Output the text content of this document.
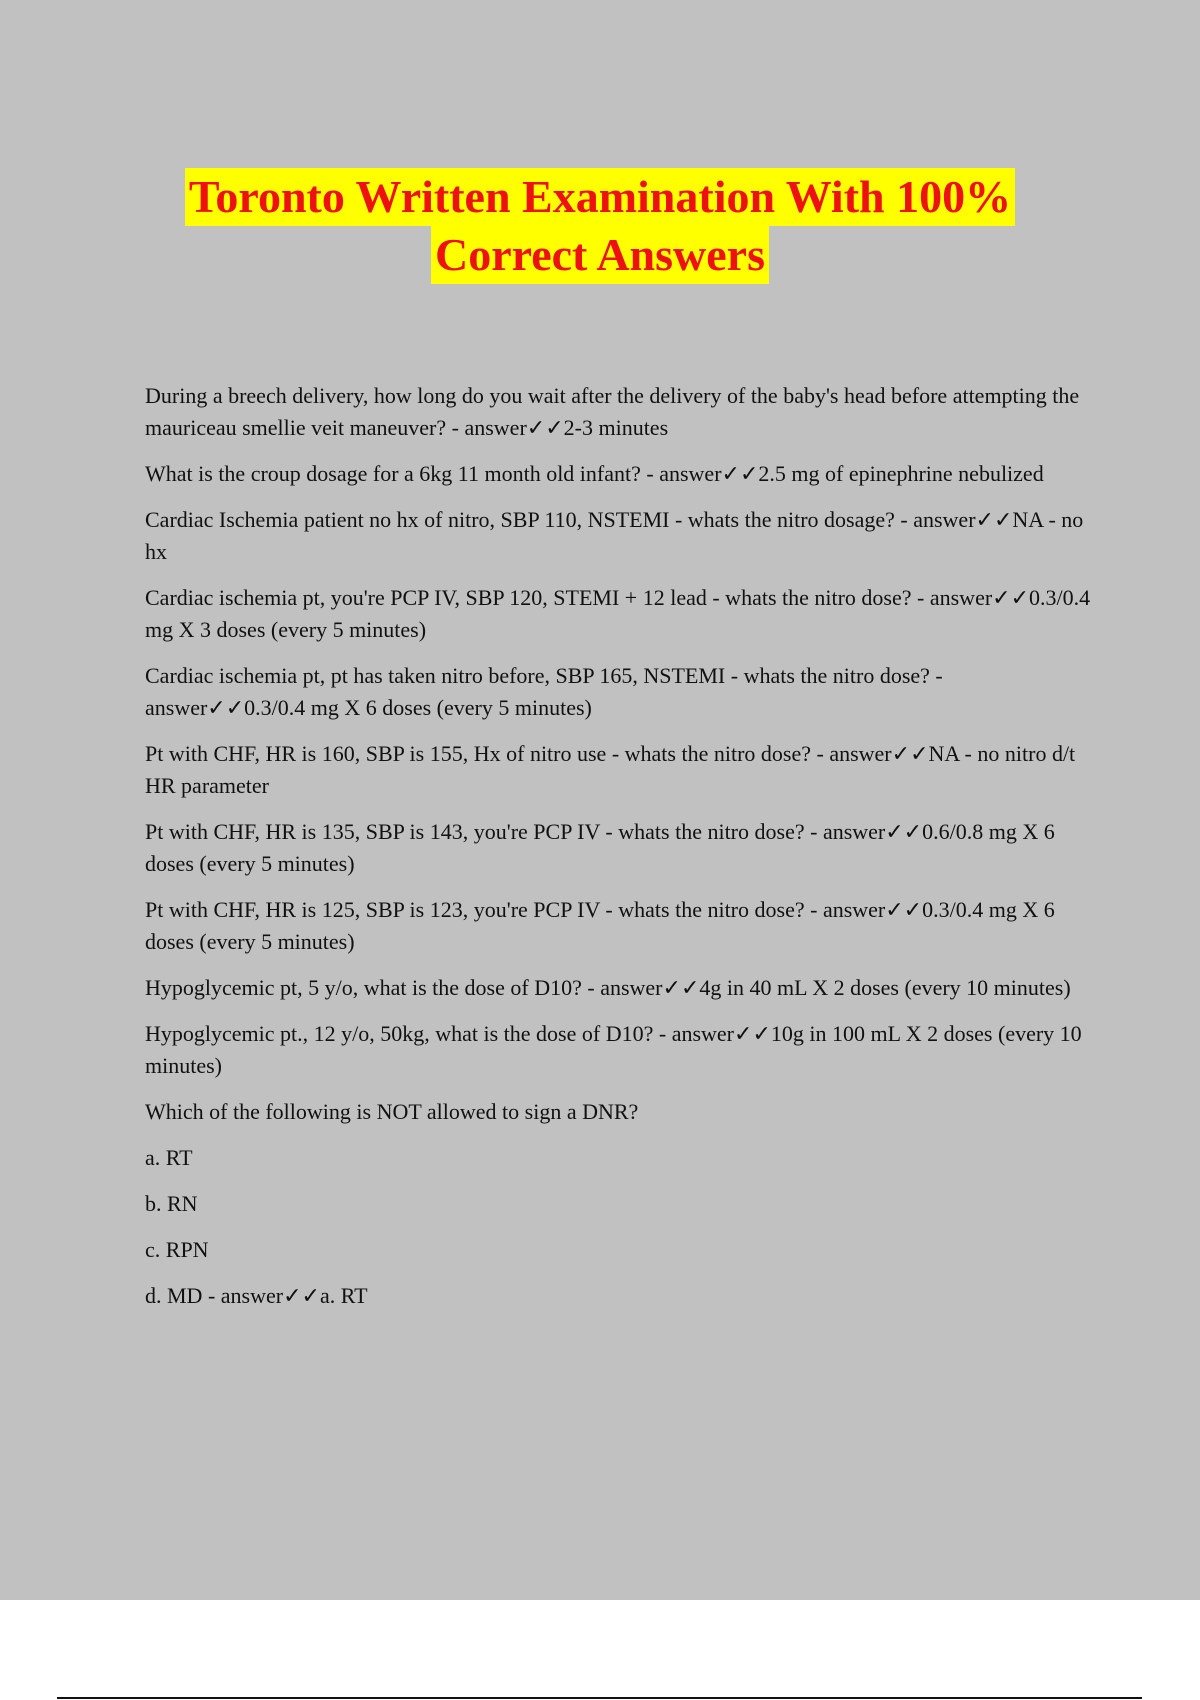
Toronto Written Examination With 100%
Correct Answers

During a breech delivery, how long do you wait after the delivery of the baby's head before attempting the mauriceau smellie veit maneuver? - answer✓✓2-3 minutes

What is the croup dosage for a 6kg 11 month old infant? - answer✓✓2.5 mg of epinephrine nebulized

Cardiac Ischemia patient no hx of nitro, SBP 110, NSTEMI - whats the nitro dosage? - answer✓✓NA - no hx

Cardiac ischemia pt, you're PCP IV, SBP 120, STEMI + 12 lead - whats the nitro dose? - answer✓✓0.3/0.4 mg X 3 doses (every 5 minutes)

Cardiac ischemia pt, pt has taken nitro before, SBP 165, NSTEMI - whats the nitro dose? - answer✓✓0.3/0.4 mg X 6 doses (every 5 minutes)

Pt with CHF, HR is 160, SBP is 155, Hx of nitro use - whats the nitro dose? - answer✓✓NA - no nitro d/t HR parameter

Pt with CHF, HR is 135, SBP is 143, you're PCP IV - whats the nitro dose? - answer✓✓0.6/0.8 mg X 6 doses (every 5 minutes)

Pt with CHF, HR is 125, SBP is 123, you're PCP IV - whats the nitro dose? - answer✓✓0.3/0.4 mg X 6 doses (every 5 minutes)

Hypoglycemic pt, 5 y/o, what is the dose of D10? - answer✓✓4g in 40 mL X 2 doses (every 10 minutes)

Hypoglycemic pt., 12 y/o, 50kg, what is the dose of D10? - answer✓✓10g in 100 mL X 2 doses (every 10 minutes)

Which of the following is NOT allowed to sign a DNR?

a. RT

b. RN

c. RPN

d. MD - answer✓✓a. RT
